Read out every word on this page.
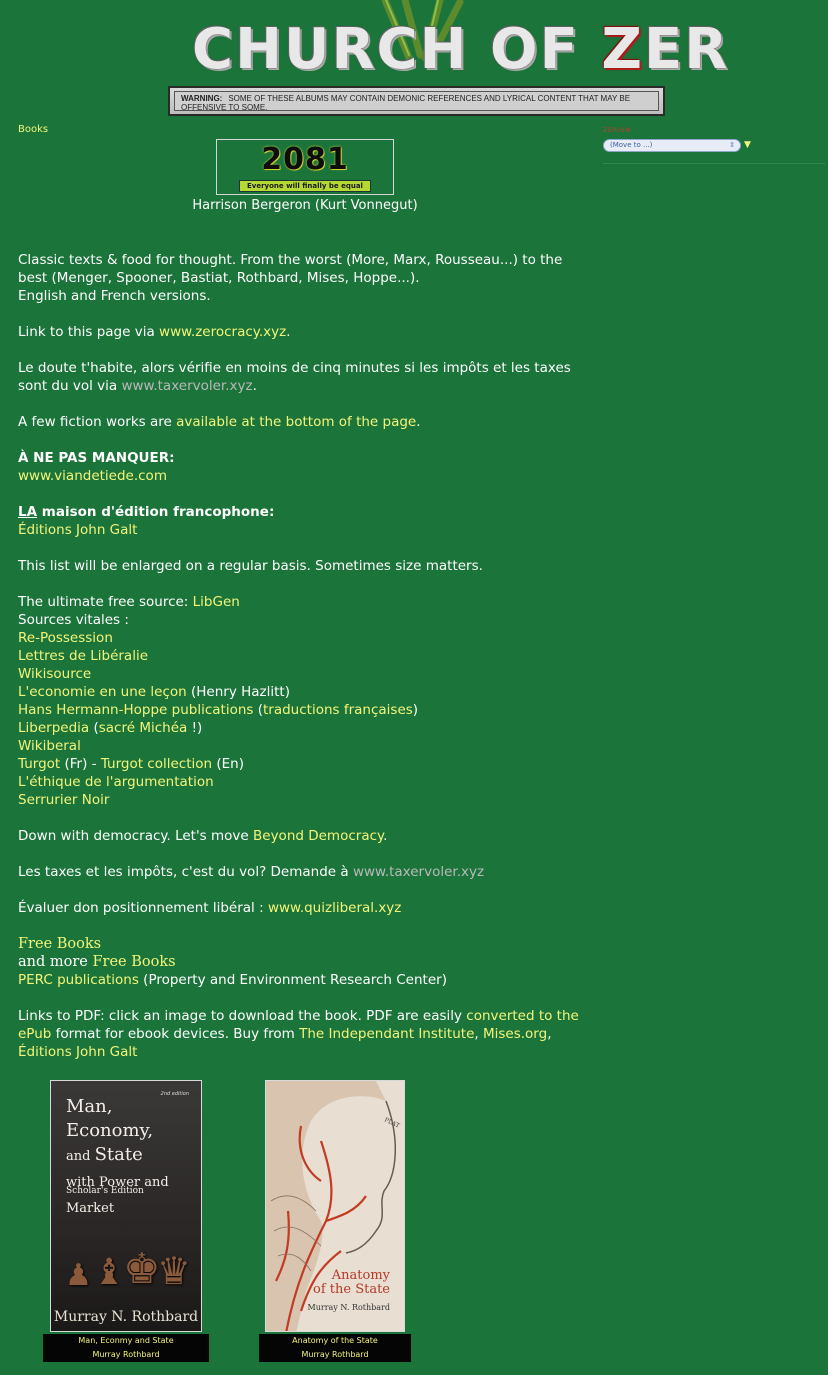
CHURCH OF ZER
WARNING: SOME OF THESE ALBUMS MAY CONTAIN DEMONIC REFERENCES AND LYRICAL CONTENT THAT MAY BE OFFENSIVE TO SOME.
Books	ZERISM
(Move to ...)	⇳ ▼
2081
Everyone will finally be equal
Harrison Bergeron (Kurt Vonnegut)

Classic texts & food for thought. From the worst (More, Marx, Rousseau...) to the best (Menger, Spooner, Bastiat, Rothbard, Mises, Hoppe...).
English and French versions.

Link to this page via www.zerocracy.xyz.

Le doute t'habite, alors vérifie en moins de cinq minutes si les impôts et les taxes sont du vol via www.taxervoler.xyz.

A few fiction works are available at the bottom of the page.

À NE PAS MANQUER:
www.viandetiede.com

LA maison d'édition francophone:
Éditions John Galt

This list will be enlarged on a regular basis. Sometimes size matters.

The ultimate free source: LibGen
Sources vitales :
Re-Possession
Lettres de Libéralie
Wikisource
L'economie en une leçon (Henry Hazlitt)
Hans Hermann-Hoppe publications (traductions françaises)
Liberpedia (sacré Michéa !)
Wikiberal
Turgot (Fr) - Turgot collection (En)
L'éthique de l'argumentation
Serrurier Noir

Down with democracy. Let's move Beyond Democracy.

Les taxes et les impôts, c'est du vol? Demande à www.taxervoler.xyz

Évaluer don positionnement libéral : www.quizliberal.xyz

Free Books
and more Free Books
PERC publications (Property and Environment Research Center)

Links to PDF: click an image to download the book. PDF are easily converted to the ePub format for ebook devices. Buy from The Independant Institute, Mises.org, Éditions John Galt

2nd edition
Man, Economy,
and State
with Power and Market
Scholar's Edition
♟ ♝
♚
♛
Murray N. Rothbard
Man, Econmy and State
Murray Rothbard
PLAT
Anatomy
of the State
Murray N. Rothbard
Anatomy of the State
Murray Rothbard
